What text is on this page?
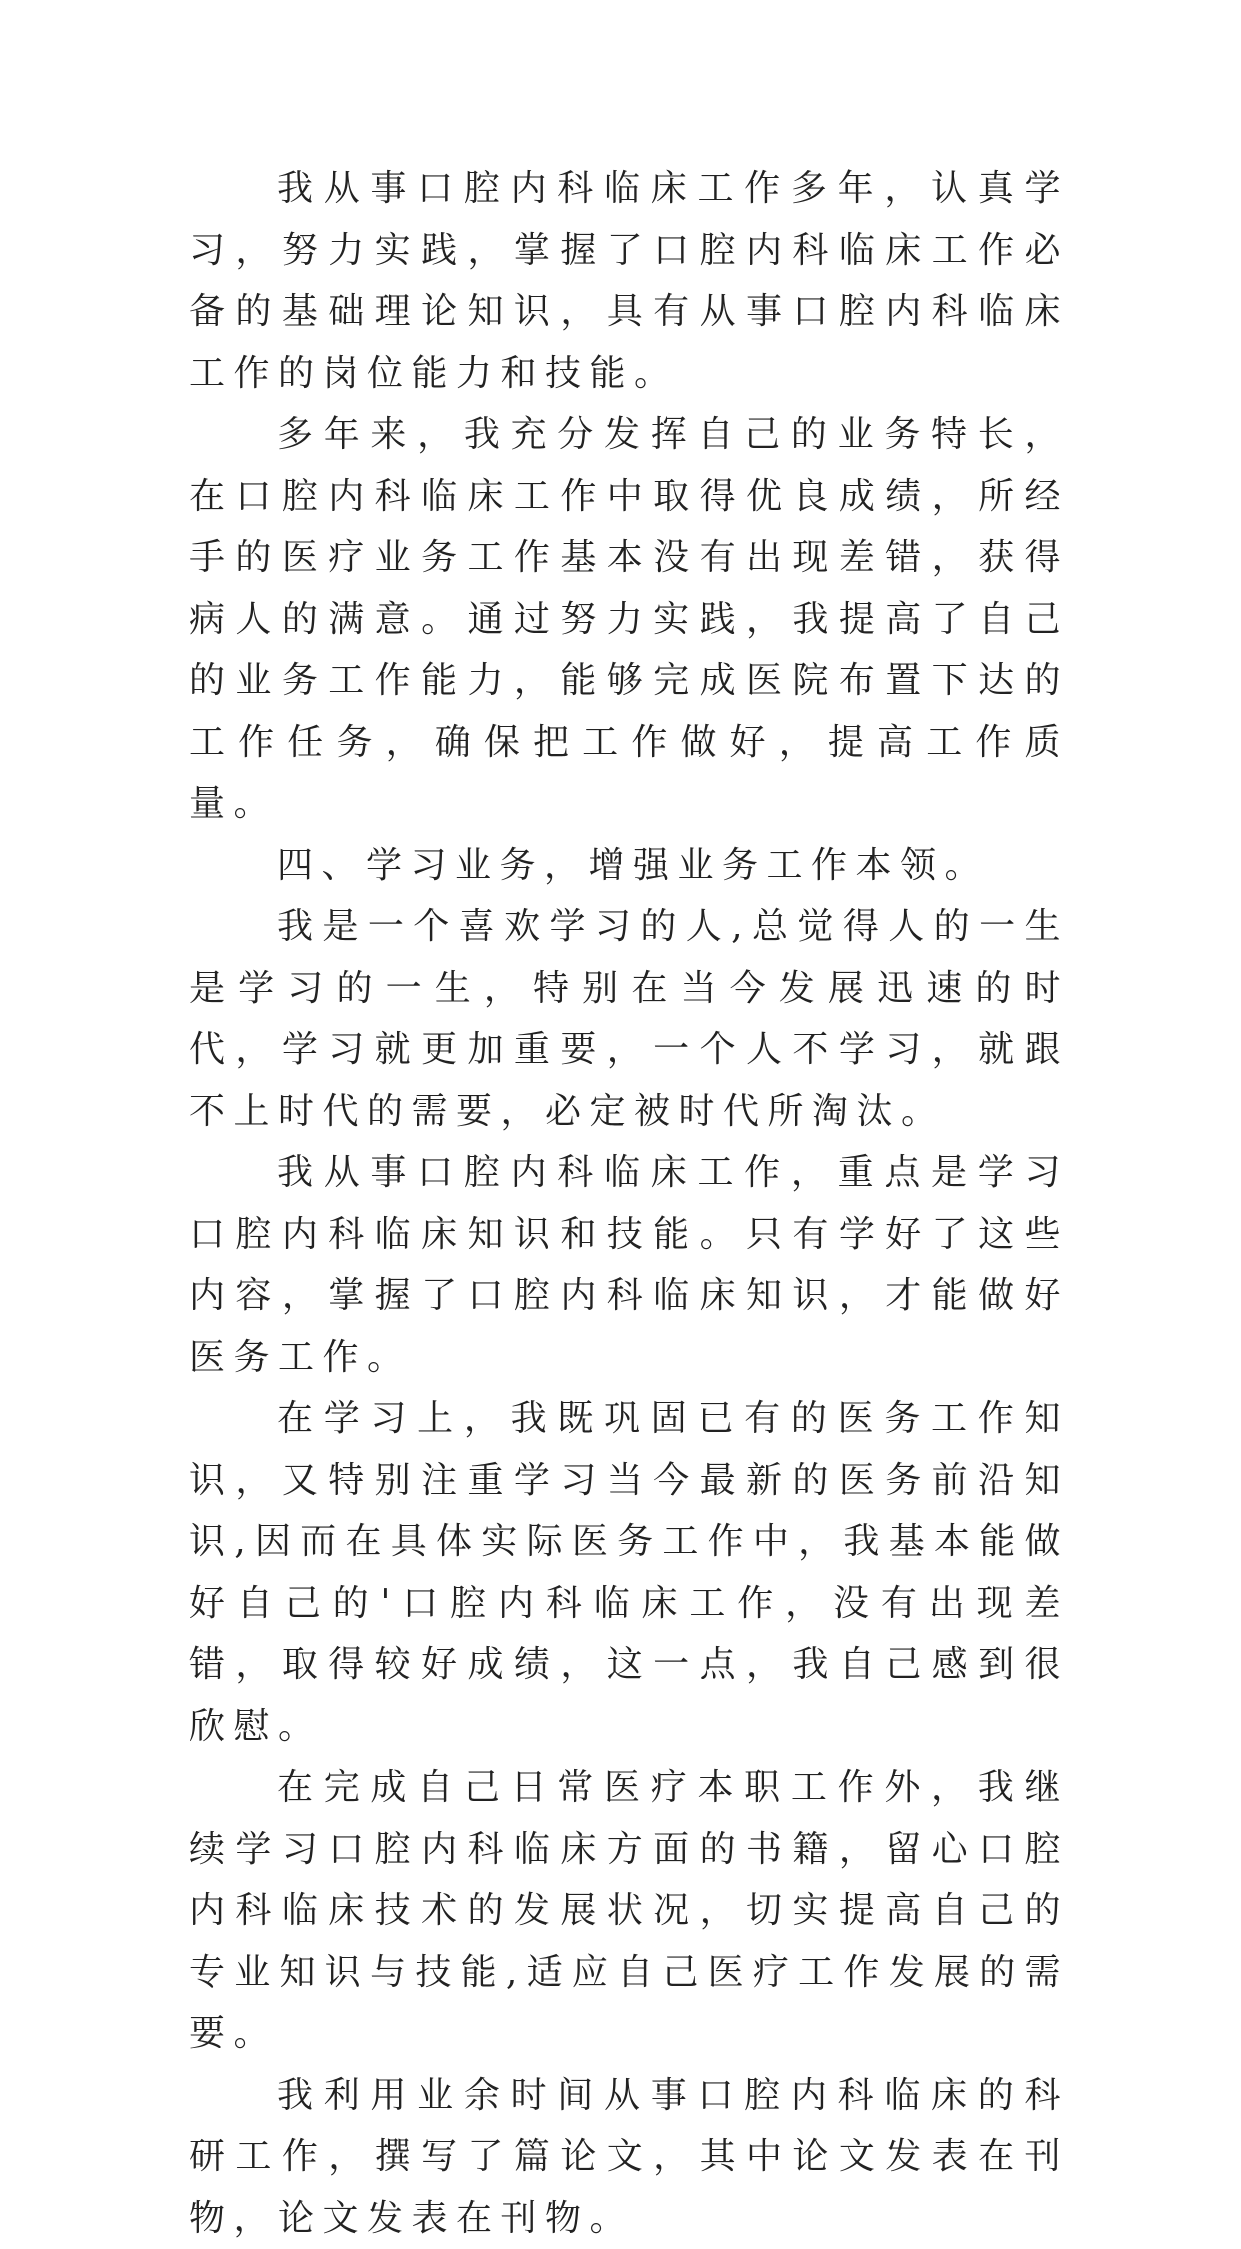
我从事口腔内科临床工作多年，认真学习，努力实践，掌握了口腔内科临床工作必备的基础理论知识，具有从事口腔内科临床工作的岗位能力和技能。

多年来，我充分发挥自己的业务特长，在口腔内科临床工作中取得优良成绩，所经手的医疗业务工作基本没有出现差错，获得病人的满意。通过努力实践，我提高了自己的业务工作能力，能够完成医院布置下达的工作任务，确保把工作做好，提高工作质量。

四、学习业务，增强业务工作本领。

我是一个喜欢学习的人,总觉得人的一生是学习的一生，特别在当今发展迅速的时代，学习就更加重要，一个人不学习，就跟不上时代的需要，必定被时代所淘汰。

我从事口腔内科临床工作，重点是学习口腔内科临床知识和技能。只有学好了这些内容，掌握了口腔内科临床知识，才能做好医务工作。

在学习上，我既巩固已有的医务工作知识，又特别注重学习当今最新的医务前沿知识,因而在具体实际医务工作中，我基本能做好自己的'口腔内科临床工作，没有出现差错，取得较好成绩，这一点，我自己感到很欣慰。

在完成自己日常医疗本职工作外，我继续学习口腔内科临床方面的书籍，留心口腔内科临床技术的发展状况，切实提高自己的专业知识与技能,适应自己医疗工作发展的需要。

我利用业余时间从事口腔内科临床的科研工作，撰写了篇论文，其中论文发表在刊物，论文发表在刊物。
